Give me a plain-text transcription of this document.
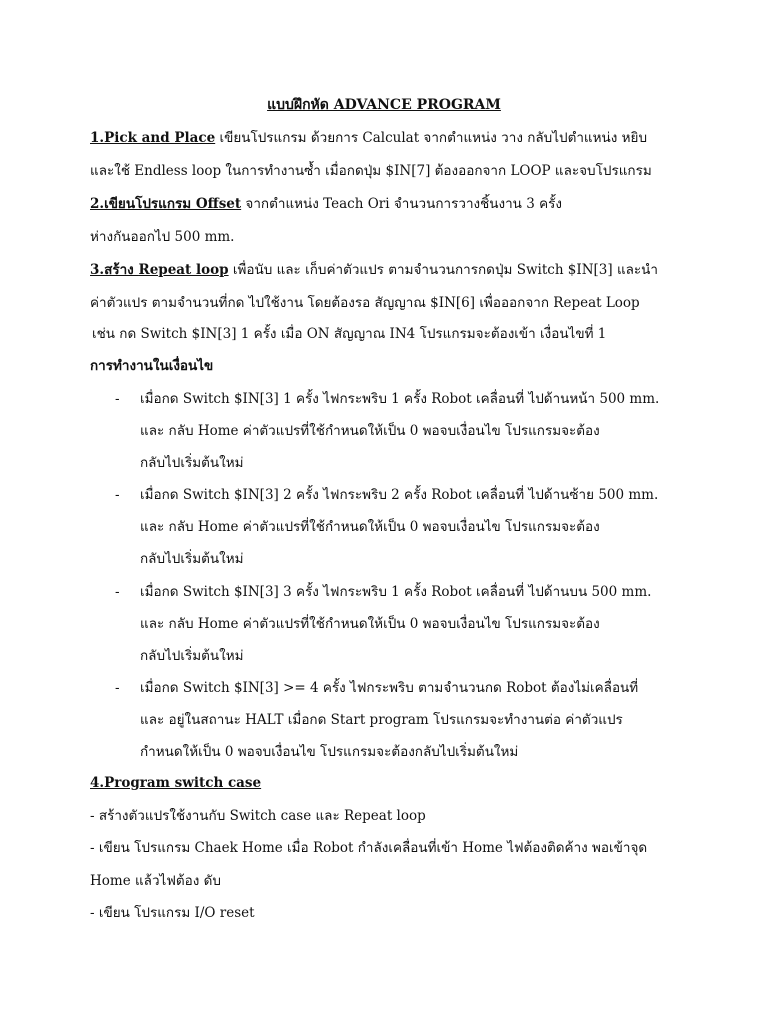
แบบฝึกหัด ADVANCE PROGRAM
1.Pick and Place เขียนโปรแกรม ด้วยการ Calculat จากตำแหน่ง วาง กลับไปตำแหน่ง หยิบ
และใช้ Endless loop ในการทำงานซ้ำ เมื่อกดปุ่ม $IN[7] ต้องออกจาก LOOP และจบโปรแกรม
2.เขียนโปรแกรม Offset จากตำแหน่ง Teach Ori จำนวนการวางชิ้นงาน 3 ครั้ง
ห่างกันออกไป 500 mm.
3.สร้าง Repeat loop เพื่อนับ และ เก็บค่าตัวแปร ตามจำนวนการกดปุ่ม Switch $IN[3] และนำ
ค่าตัวแปร ตามจำนวนที่กด ไปใช้งาน โดยต้องรอ สัญญาณ $IN[6] เพื่อออกจาก Repeat Loop
เช่น กด Switch $IN[3] 1 ครั้ง เมื่อ ON สัญญาณ IN4 โปรแกรมจะต้องเข้า เงื่อนไขที่ 1
การทำงานในเงื่อนไข
- เมื่อกด Switch $IN[3] 1 ครั้ง ไฟกระพริบ 1 ครั้ง Robot เคลื่อนที่ ไปด้านหน้า 500 mm.
และ กลับ Home ค่าตัวแปรที่ใช้กำหนดให้เป็น 0 พอจบเงื่อนไข โปรแกรมจะต้อง
กลับไปเริ่มต้นใหม่
- เมื่อกด Switch $IN[3] 2 ครั้ง ไฟกระพริบ 2 ครั้ง Robot เคลื่อนที่ ไปด้านซ้าย 500 mm.
และ กลับ Home ค่าตัวแปรที่ใช้กำหนดให้เป็น 0 พอจบเงื่อนไข โปรแกรมจะต้อง
กลับไปเริ่มต้นใหม่
- เมื่อกด Switch $IN[3] 3 ครั้ง ไฟกระพริบ 1 ครั้ง Robot เคลื่อนที่ ไปด้านบน 500 mm.
และ กลับ Home ค่าตัวแปรที่ใช้กำหนดให้เป็น 0 พอจบเงื่อนไข โปรแกรมจะต้อง
กลับไปเริ่มต้นใหม่
- เมื่อกด Switch $IN[3] >= 4 ครั้ง ไฟกระพริบ ตามจำนวนกด Robot ต้องไม่เคลื่อนที่
และ อยู่ในสถานะ HALT เมื่อกด Start program โปรแกรมจะทำงานต่อ ค่าตัวแปร
กำหนดให้เป็น 0 พอจบเงื่อนไข โปรแกรมจะต้องกลับไปเริ่มต้นใหม่
4.Program switch case
- สร้างตัวแปรใช้งานกับ Switch case และ Repeat loop
- เขียน โปรแกรม Chaek Home เมื่อ Robot กำลังเคลื่อนที่เข้า Home ไฟต้องติดค้าง พอเข้าจุด
Home แล้วไฟต้อง ดับ
- เขียน โปรแกรม I/O reset
